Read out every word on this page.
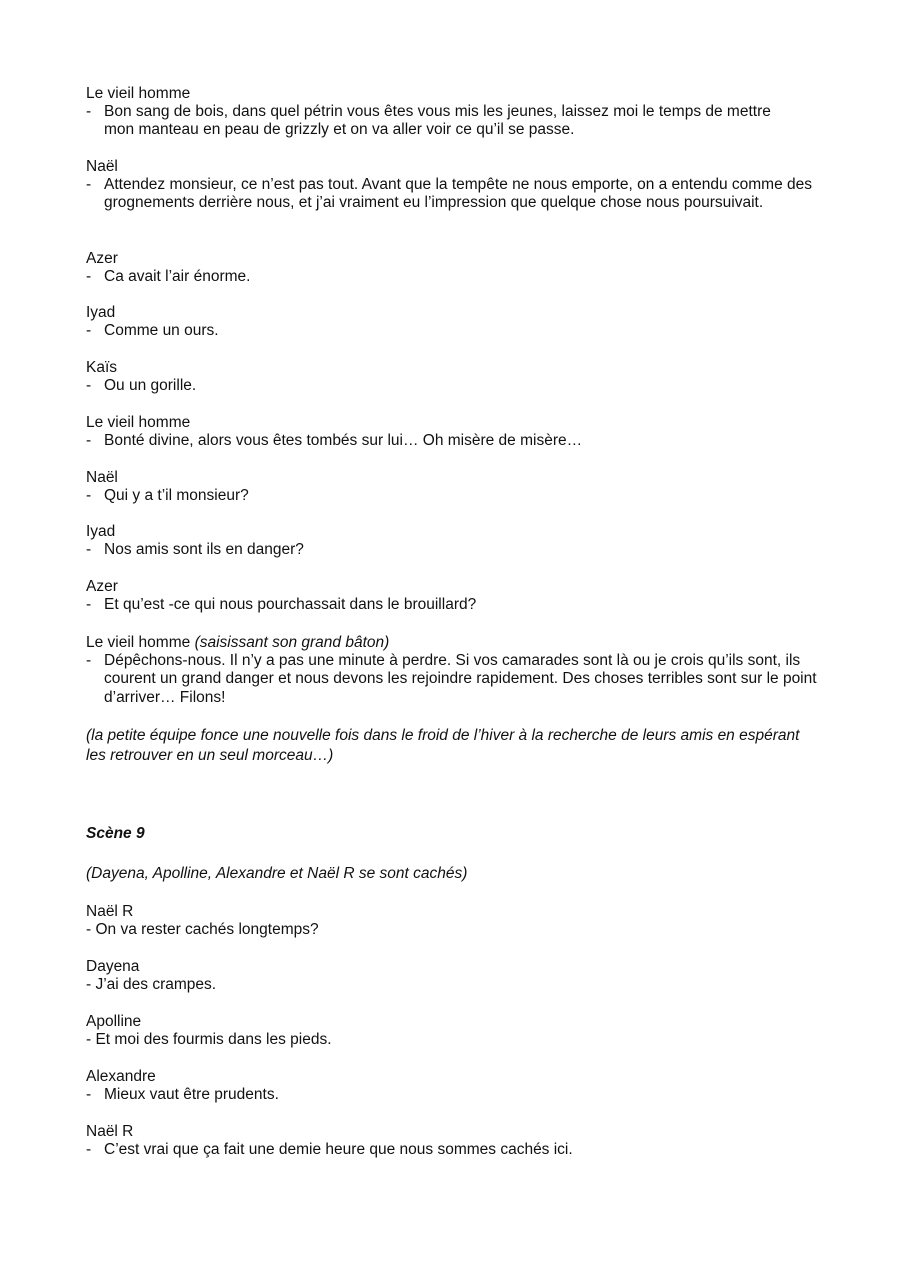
Le vieil homme
- Bon sang de bois, dans quel pétrin vous êtes vous mis les jeunes, laissez moi le temps de mettre mon manteau en peau de grizzly et on va aller voir ce qu’il se passe.
Naël
- Attendez monsieur, ce n’est pas tout. Avant que la tempête ne nous emporte, on a entendu comme des grognements derrière nous, et j’ai vraiment eu l’impression que quelque chose nous poursuivait.
Azer
- Ca avait l’air énorme.
Iyad
- Comme un ours.
Kaïs
- Ou un gorille.
Le vieil homme
- Bonté divine, alors vous êtes tombés sur lui… Oh misère de misère…
Naël
- Qui y a t’il monsieur?
Iyad
- Nos amis sont ils en danger?
Azer
- Et qu’est -ce qui nous pourchassait dans le brouillard?
Le vieil homme (saisissant son grand bâton)
- Dépêchons-nous. Il n’y a pas une minute à perdre. Si vos camarades sont là ou je crois qu’ils sont, ils courent un grand danger et nous devons les rejoindre rapidement. Des choses terribles sont sur le point d’arriver… Filons!
(la petite équipe fonce une nouvelle fois dans le froid de l’hiver à la recherche de leurs amis en espérant les retrouver en un seul morceau…)
Scène 9
(Dayena, Apolline, Alexandre et Naël R se sont cachés)
Naël R
- On va rester cachés longtemps?
Dayena
- J’ai des crampes.
Apolline
- Et moi des fourmis dans les pieds.
Alexandre
- Mieux vaut être prudents.
Naël R
- C’est vrai que ça fait une demie heure que nous sommes cachés ici.
